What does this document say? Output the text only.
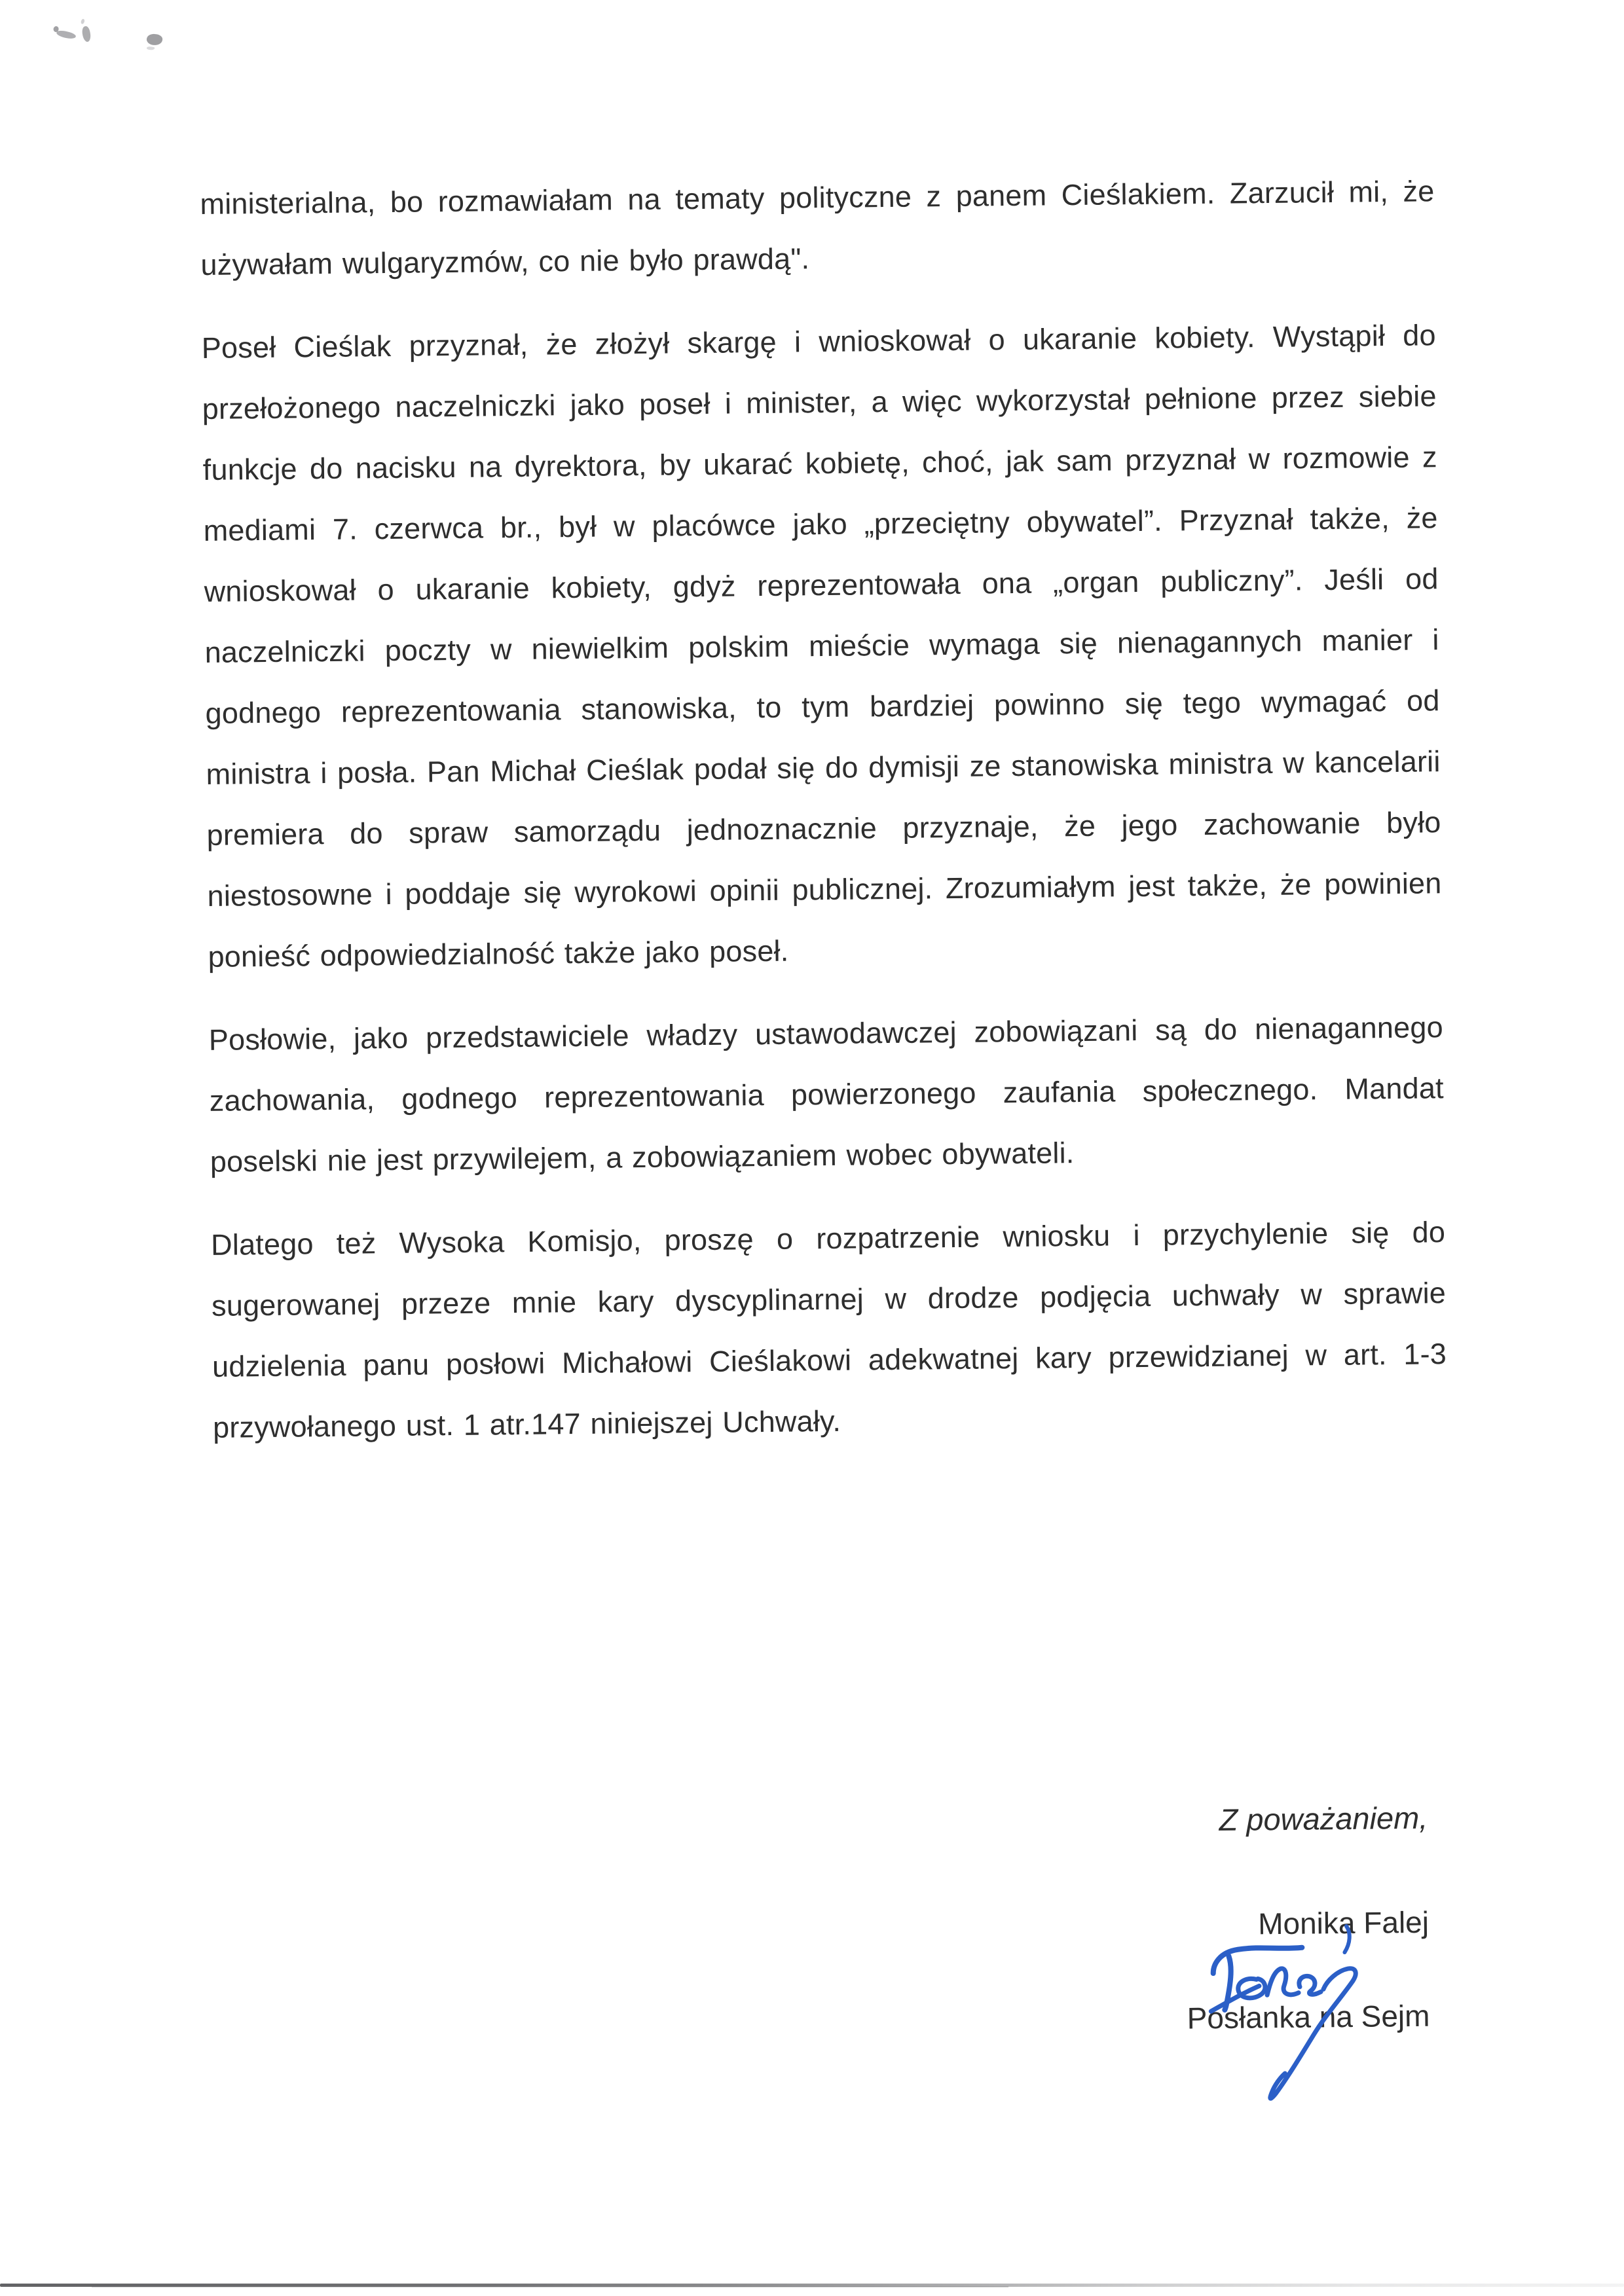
ministerialna, bo rozmawiałam na tematy polityczne z panem Cieślakiem. Zarzucił mi, że używałam wulgaryzmów, co nie było prawdą".

Poseł Cieślak przyznał, że złożył skargę i wnioskował o ukaranie kobiety. Wystąpił do przełożonego naczelniczki jako poseł i minister, a więc wykorzystał pełnione przez siebie funkcje do nacisku na dyrektora, by ukarać kobietę, choć, jak sam przyznał w rozmowie z mediami 7. czerwca br., był w placówce jako „przeciętny obywatel”. Przyznał także, że wnioskował o ukaranie kobiety, gdyż reprezentowała ona „organ publiczny”. Jeśli od naczelniczki poczty w niewielkim polskim mieście wymaga się nienagannych manier i godnego reprezentowania stanowiska, to tym bardziej powinno się tego wymagać od ministra i posła. Pan Michał Cieślak podał się do dymisji ze stanowiska ministra w kancelarii premiera do spraw samorządu jednoznacznie przyznaje, że jego zachowanie było niestosowne i poddaje się wyrokowi opinii publicznej. Zrozumiałym jest także, że powinien ponieść odpowiedzialność także jako poseł.

Posłowie, jako przedstawiciele władzy ustawodawczej zobowiązani są do nienagannego zachowania, godnego reprezentowania powierzonego zaufania społecznego. Mandat poselski nie jest przywilejem, a zobowiązaniem wobec obywateli.

Dlatego też Wysoka Komisjo, proszę o rozpatrzenie wniosku i przychylenie się do sugerowanej przeze mnie kary dyscyplinarnej w drodze podjęcia uchwały w sprawie udzielenia panu posłowi Michałowi Cieślakowi adekwatnej kary przewidzianej w art. 1-3 przywołanego ust. 1 atr.147 niniejszej Uchwały.

Z poważaniem,
Monika Falej
Posłanka na Sejm
